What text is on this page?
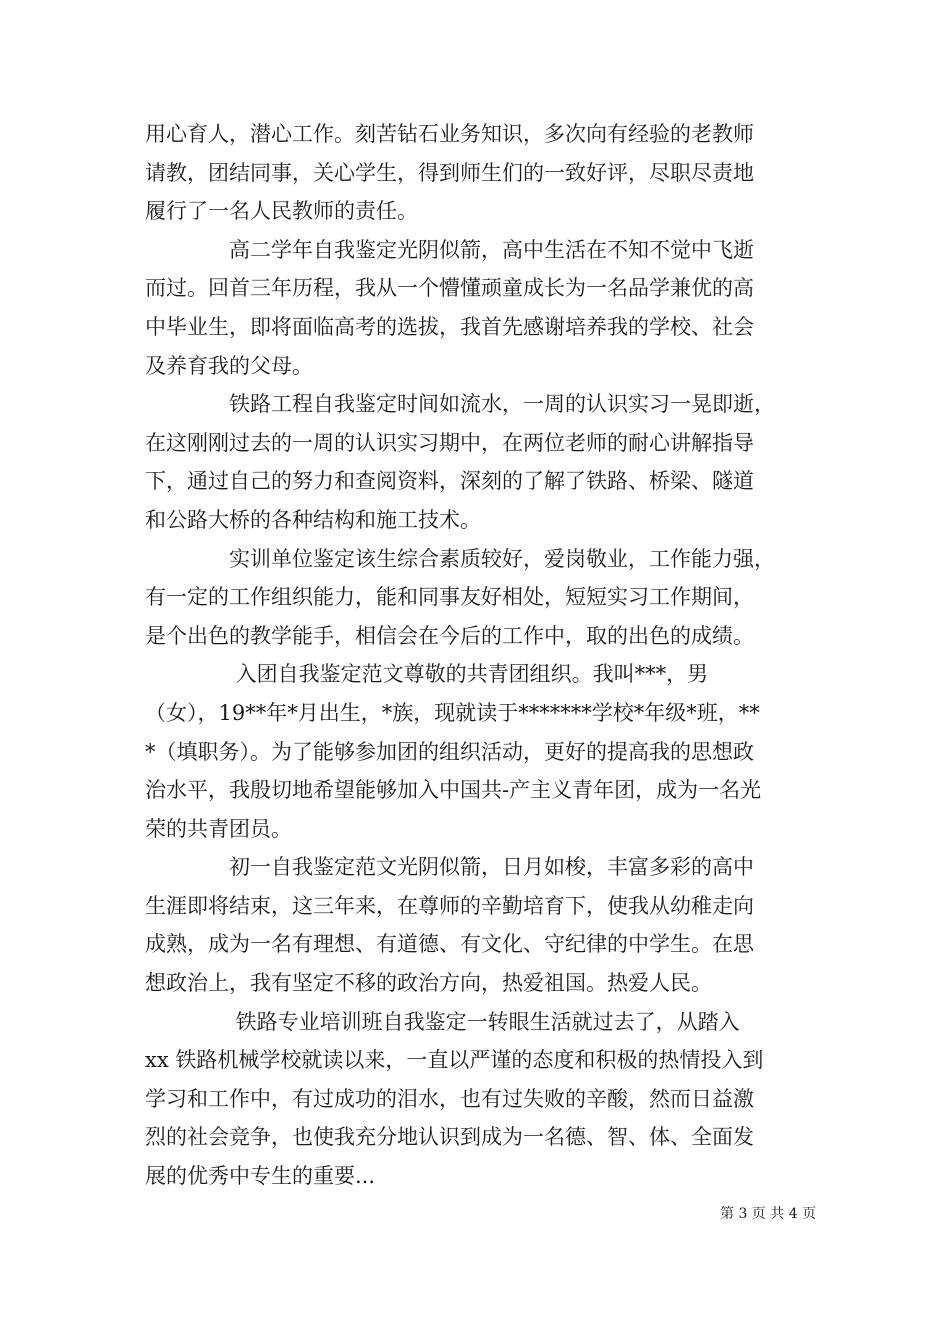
用心育人，潜心工作。刻苦钻石业务知识，多次向有经验的老教师
请教，团结同事，关心学生，得到师生们的一致好评，尽职尽责地
履行了一名人民教师的责任。

　　　　高二学年自我鉴定光阴似箭，高中生活在不知不觉中飞逝
而过。回首三年历程，我从一个懵懂顽童成长为一名品学兼优的高
中毕业生，即将面临高考的选拔，我首先感谢培养我的学校、社会
及养育我的父母。

　　　　铁路工程自我鉴定时间如流水，一周的认识实习一晃即逝，
在这刚刚过去的一周的认识实习期中，在两位老师的耐心讲解指导
下，通过自己的努力和查阅资料，深刻的了解了铁路、桥梁、隧道
和公路大桥的各种结构和施工技术。

　　　　实训单位鉴定该生综合素质较好，爱岗敬业，工作能力强，
有一定的工作组织能力，能和同事友好相处，短短实习工作期间，
是个出色的教学能手，相信会在今后的工作中，取的出色的成绩。

　　　　 入团自我鉴定范文尊敬的共青团组织。我叫***，男
（女），19**年*月出生，*族，现就读于*******学校*年级*班，**
*（填职务）。为了能够参加团的组织活动，更好的提高我的思想政
治水平，我殷切地希望能够加入中国共-产主义青年团，成为一名光
荣的共青团员。

　　　　初一自我鉴定范文光阴似箭，日月如梭，丰富多彩的高中
生涯即将结束，这三年来，在尊师的辛勤培育下，使我从幼稚走向
成熟，成为一名有理想、有道德、有文化、守纪律的中学生。在思
想政治上，我有坚定不移的政治方向，热爱祖国。热爱人民。

　　　　 铁路专业培训班自我鉴定一转眼生活就过去了，从踏入
xx 铁路机械学校就读以来，一直以严谨的态度和积极的热情投入到
学习和工作中，有过成功的泪水，也有过失败的辛酸，然而日益激
烈的社会竞争，也使我充分地认识到成为一名德、智、体、全面发
展的优秀中专生的重要...

第 3 页 共 4 页
